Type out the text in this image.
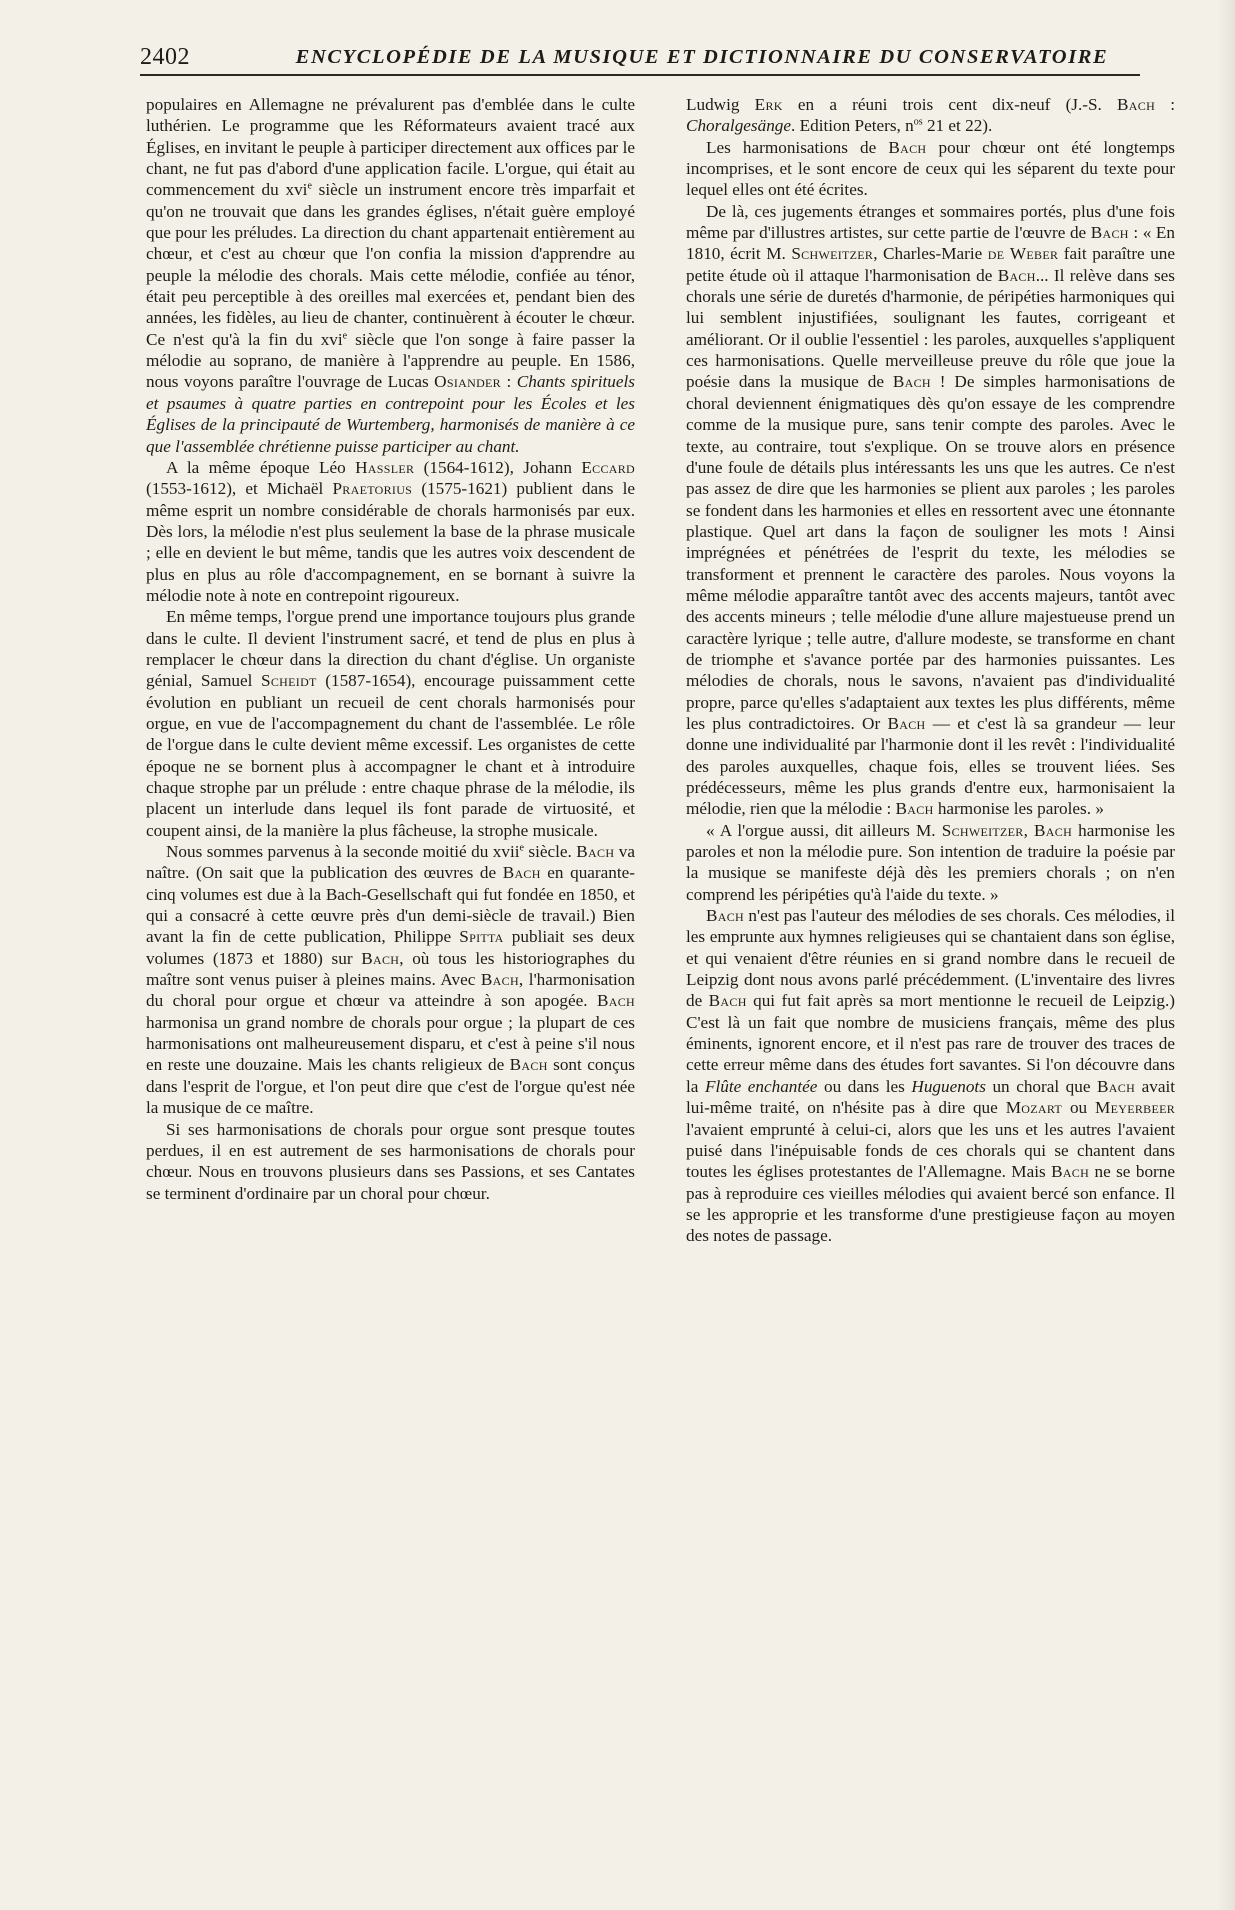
2402	ENCYCLOPÉDIE DE LA MUSIQUE ET DICTIONNAIRE DU CONSERVATOIRE

populaires en Allemagne ne prévalurent pas d'emblée dans le culte luthérien. Le programme que les Réformateurs avaient tracé aux Églises, en invitant le peuple à participer directement aux offices par le chant, ne fut pas d'abord d'une application facile. L'orgue, qui était au commencement du xvi$^e$ siècle un instrument encore très imparfait et qu'on ne trouvait que dans les grandes églises, n'était guère employé que pour les préludes. La direction du chant appartenait entièrement au chœur, et c'est au chœur que l'on confia la mission d'apprendre au peuple la mélodie des chorals. Mais cette mélodie, confiée au ténor, était peu perceptible à des oreilles mal exercées et, pendant bien des années, les fidèles, au lieu de chanter, continuèrent à écouter le chœur. Ce n'est qu'à la fin du xvi$^e$ siècle que l'on songe à faire passer la mélodie au soprano, de manière à l'apprendre au peuple. En 1586, nous voyons paraître l'ouvrage de Lucas Osiander : Chants spirituels et psaumes à quatre parties en contrepoint pour les Écoles et les Églises de la principauté de Wurtemberg, harmonisés de manière à ce que l'assemblée chrétienne puisse participer au chant.

A la même époque Léo Hassler (1564-1612), Johann Eccard (1553-1612), et Michaël Praetorius (1575-1621) publient dans le même esprit un nombre considérable de chorals harmonisés par eux. Dès lors, la mélodie n'est plus seulement la base de la phrase musicale ; elle en devient le but même, tandis que les autres voix descendent de plus en plus au rôle d'accompagnement, en se bornant à suivre la mélodie note à note en contrepoint rigoureux.

En même temps, l'orgue prend une importance toujours plus grande dans le culte. Il devient l'instrument sacré, et tend de plus en plus à remplacer le chœur dans la direction du chant d'église. Un organiste génial, Samuel Scheidt (1587-1654), encourage puissamment cette évolution en publiant un recueil de cent chorals harmonisés pour orgue, en vue de l'accompagnement du chant de l'assemblée. Le rôle de l'orgue dans le culte devient même excessif. Les organistes de cette époque ne se bornent plus à accompagner le chant et à introduire chaque strophe par un prélude : entre chaque phrase de la mélodie, ils placent un interlude dans lequel ils font parade de virtuosité, et coupent ainsi, de la manière la plus fâcheuse, la strophe musicale.

Nous sommes parvenus à la seconde moitié du xvii$^e$ siècle. Bach va naître. (On sait que la publication des œuvres de Bach en quarante-cinq volumes est due à la Bach-Gesellschaft qui fut fondée en 1850, et qui a consacré à cette œuvre près d'un demi-siècle de travail.) Bien avant la fin de cette publication, Philippe Spitta publiait ses deux volumes (1873 et 1880) sur Bach, où tous les historiographes du maître sont venus puiser à pleines mains. Avec Bach, l'harmonisation du choral pour orgue et chœur va atteindre à son apogée. Bach harmonisa un grand nombre de chorals pour orgue ; la plupart de ces harmonisations ont malheureusement disparu, et c'est à peine s'il nous en reste une douzaine. Mais les chants religieux de Bach sont conçus dans l'esprit de l'orgue, et l'on peut dire que c'est de l'orgue qu'est née la musique de ce maître.

Si ses harmonisations de chorals pour orgue sont presque toutes perdues, il en est autrement de ses harmonisations de chorals pour chœur. Nous en trouvons plusieurs dans ses Passions, et ses Cantates se terminent d'ordinaire par un choral pour chœur.

Ludwig Erk en a réuni trois cent dix-neuf (J.-S. Bach : Choralgesänge. Edition Peters, $n^{os}$ 21 et 22).

Les harmonisations de Bach pour chœur ont été longtemps incomprises, et le sont encore de ceux qui les séparent du texte pour lequel elles ont été écrites.

De là, ces jugements étranges et sommaires portés, plus d'une fois même par d'illustres artistes, sur cette partie de l'œuvre de Bach : « En 1810, écrit M. Schweitzer, Charles-Marie de Weber fait paraître une petite étude où il attaque l'harmonisation de Bach... Il relève dans ses chorals une série de duretés d'harmonie, de péripéties harmoniques qui lui semblent injustifiées, soulignant les fautes, corrigeant et améliorant. Or il oublie l'essentiel : les paroles, auxquelles s'appliquent ces harmonisations. Quelle merveilleuse preuve du rôle que joue la poésie dans la musique de Bach ! De simples harmonisations de choral deviennent énigmatiques dès qu'on essaye de les comprendre comme de la musique pure, sans tenir compte des paroles. Avec le texte, au contraire, tout s'explique. On se trouve alors en présence d'une foule de détails plus intéressants les uns que les autres. Ce n'est pas assez de dire que les harmonies se plient aux paroles ; les paroles se fondent dans les harmonies et elles en ressortent avec une étonnante plastique. Quel art dans la façon de souligner les mots ! Ainsi imprégnées et pénétrées de l'esprit du texte, les mélodies se transforment et prennent le caractère des paroles. Nous voyons la même mélodie apparaître tantôt avec des accents majeurs, tantôt avec des accents mineurs ; telle mélodie d'une allure majestueuse prend un caractère lyrique ; telle autre, d'allure modeste, se transforme en chant de triomphe et s'avance portée par des harmonies puissantes. Les mélodies de chorals, nous le savons, n'avaient pas d'individualité propre, parce qu'elles s'adaptaient aux textes les plus différents, même les plus contradictoires. Or Bach — et c'est là sa grandeur — leur donne une individualité par l'harmonie dont il les revêt : l'individualité des paroles auxquelles, chaque fois, elles se trouvent liées. Ses prédécesseurs, même les plus grands d'entre eux, harmonisaient la mélodie, rien que la mélodie : Bach harmonise les paroles. »

« A l'orgue aussi, dit ailleurs M. Schweitzer, Bach harmonise les paroles et non la mélodie pure. Son intention de traduire la poésie par la musique se manifeste déjà dès les premiers chorals ; on n'en comprend les péripéties qu'à l'aide du texte. »

Bach n'est pas l'auteur des mélodies de ses chorals. Ces mélodies, il les emprunte aux hymnes religieuses qui se chantaient dans son église, et qui venaient d'être réunies en si grand nombre dans le recueil de Leipzig dont nous avons parlé précédemment. (L'inventaire des livres de Bach qui fut fait après sa mort mentionne le recueil de Leipzig.) C'est là un fait que nombre de musiciens français, même des plus éminents, ignorent encore, et il n'est pas rare de trouver des traces de cette erreur même dans des études fort savantes. Si l'on découvre dans la Flûte enchantée ou dans les Huguenots un choral que Bach avait lui-même traité, on n'hésite pas à dire que Mozart ou Meyerbeer l'avaient emprunté à celui-ci, alors que les uns et les autres l'avaient puisé dans l'inépuisable fonds de ces chorals qui se chantent dans toutes les églises protestantes de l'Allemagne. Mais Bach ne se borne pas à reproduire ces vieilles mélodies qui avaient bercé son enfance. Il se les approprie et les transforme d'une prestigieuse façon au moyen des notes de passage.
